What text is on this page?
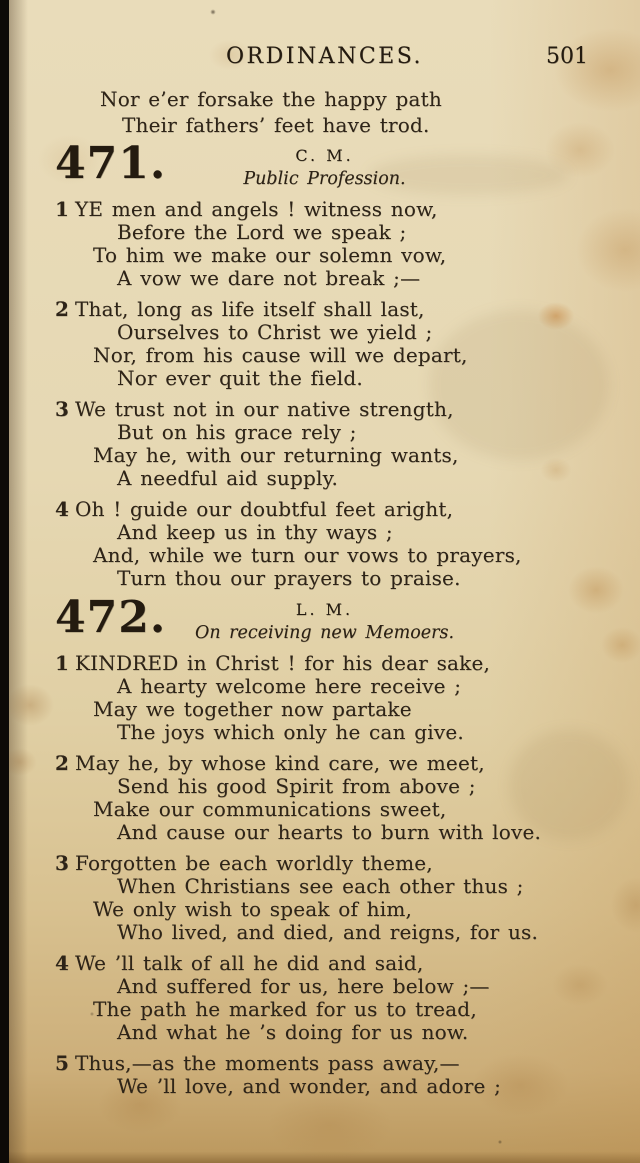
ORDINANCES.	501
Nor e’er forsake the happy path
Their fathers’ feet have trod.
471.	C. M.
Public Profession.
1 YE men and angels ! witness now,
Before the Lord we speak ;
To him we make our solemn vow,
A vow we dare not break ;—
2 That, long as life itself shall last,
Ourselves to Christ we yield ;
Nor, from his cause will we depart,
Nor ever quit the field.
3 We trust not in our native strength,
But on his grace rely ;
May he, with our returning wants,
A needful aid supply.
4 Oh ! guide our doubtful feet aright,
And keep us in thy ways ;
And, while we turn our vows to prayers,
Turn thou our prayers to praise.
472.	L. M.
On receiving new Memoers.
1 KINDRED in Christ ! for his dear sake,
A hearty welcome here receive ;
May we together now partake
The joys which only he can give.
2 May he, by whose kind care, we meet,
Send his good Spirit from above ;
Make our communications sweet,
And cause our hearts to burn with love.
3 Forgotten be each worldly theme,
When Christians see each other thus ;
We only wish to speak of him,
Who lived, and died, and reigns, for us.
4 We ’ll talk of all he did and said,
And suffered for us, here below ;—
The path he marked for us to tread,
And what he ’s doing for us now.
5 Thus,—as the moments pass away,—
We ’ll love, and wonder, and adore ;
